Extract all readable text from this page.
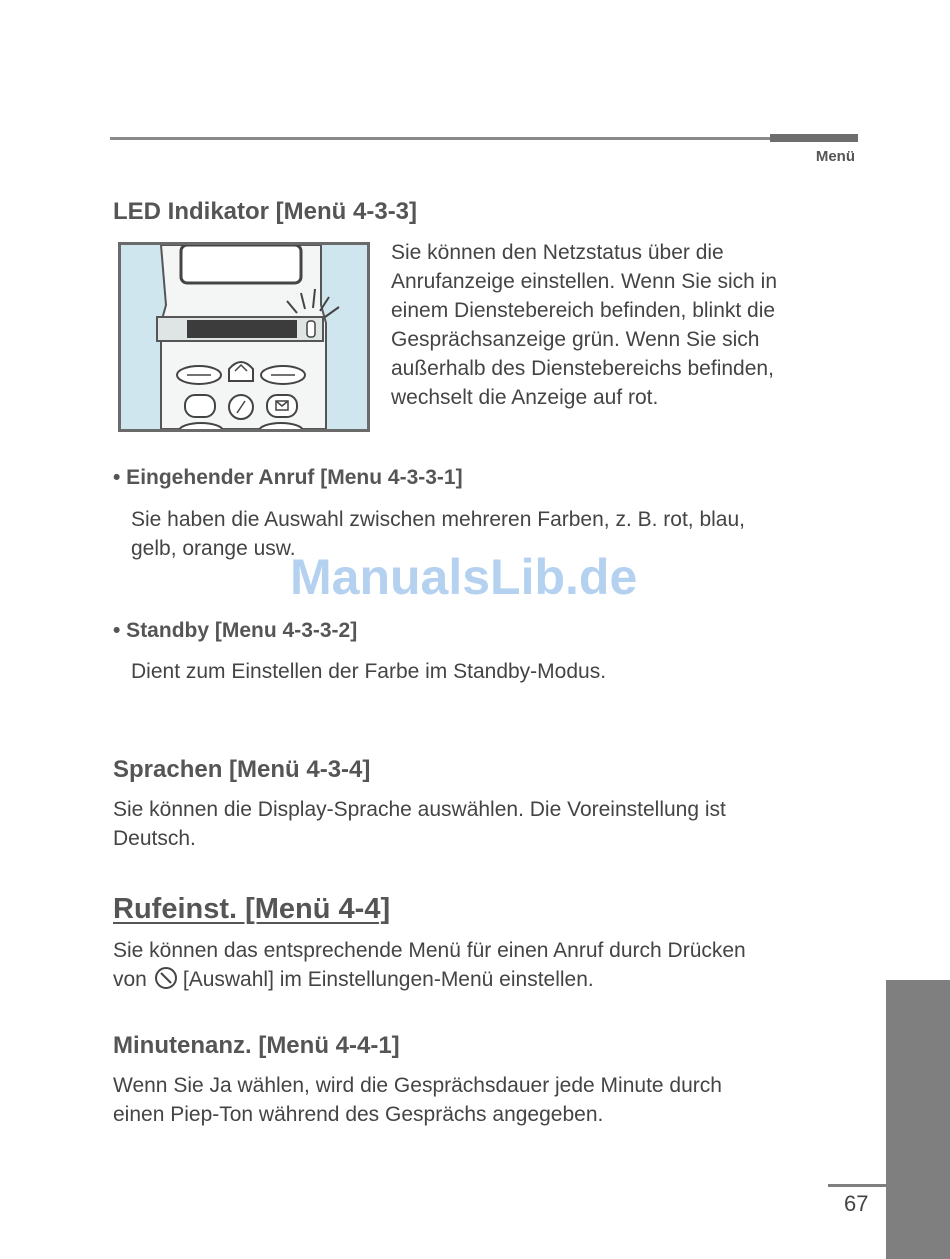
Menü
LED Indikator [Menü 4-3-3]

Sie können den Netzstatus über die
Anrufanzeige einstellen. Wenn Sie sich in
einem Dienstebereich befinden, blinkt die
Gesprächsanzeige grün. Wenn Sie sich
außerhalb des Dienstebereichs befinden,
wechselt die Anzeige auf rot.

• Eingehender Anruf [Menu 4-3-3-1]

Sie haben die Auswahl zwischen mehreren Farben, z. B. rot, blau,
gelb, orange usw.

ManualsLib.de

• Standby [Menu 4-3-3-2]

Dient zum Einstellen der Farbe im Standby-Modus.

Sprachen [Menü 4-3-4]

Sie können die Display-Sprache auswählen. Die Voreinstellung ist
Deutsch.

Rufeinst. [Menü 4-4]

Sie können das entsprechende Menü für einen Anruf durch Drücken
von [Auswahl] im Einstellungen-Menü einstellen.

Minutenanz. [Menü 4-4-1]

Wenn Sie Ja wählen, wird die Gesprächsdauer jede Minute durch
einen Piep-Ton während des Gesprächs angegeben.

67
